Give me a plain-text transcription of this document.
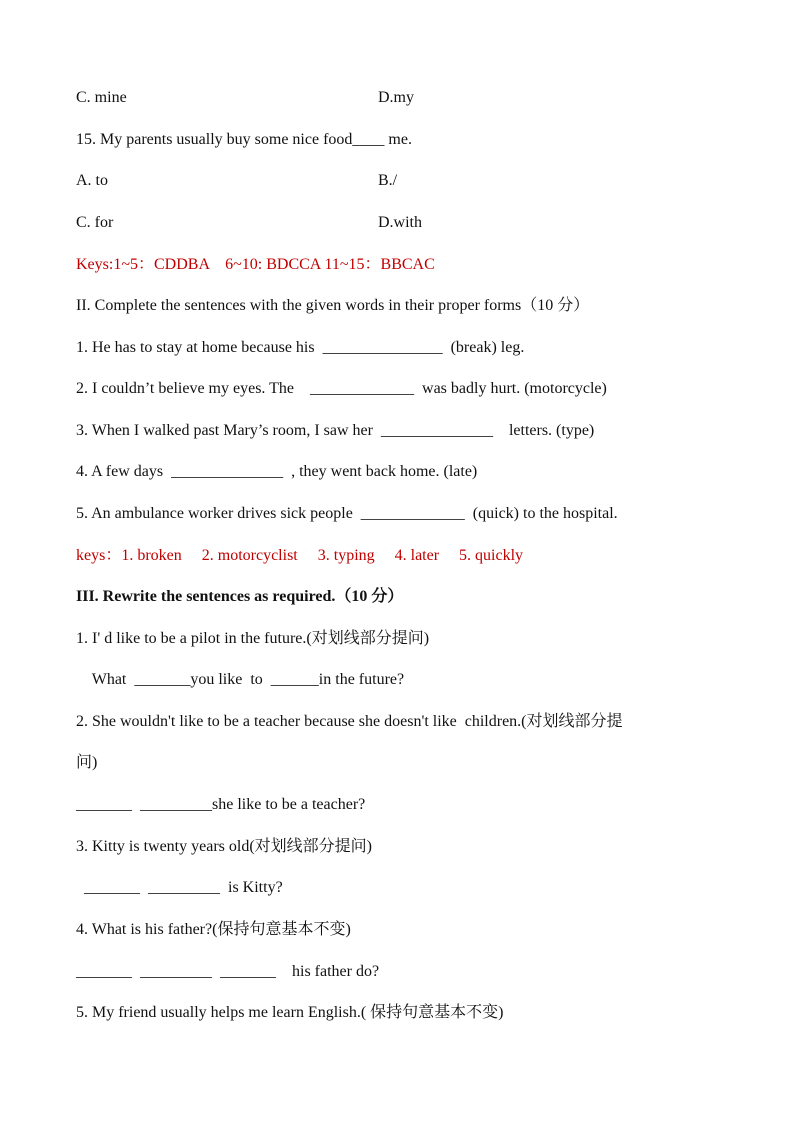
C. mine	D.my
15. My parents usually buy some nice food____ me.
A. to	B./
C. for	D.with
Keys:1~5：CDDBA    6~10: BDCCA 11~15：BBCAC
II. Complete the sentences with the given words in their proper forms（10 分）
1. He has to stay at home because his  _______________  (break) leg.
2. I couldn’t believe my eyes. The    _____________  was badly hurt. (motorcycle)
3. When I walked past Mary’s room, I saw her  ______________    letters. (type)
4. A few days  ______________  , they went back home. (late)
5. An ambulance worker drives sick people  _____________  (quick) to the hospital.
keys：1. broken     2. motorcyclist     3. typing     4. later     5. quickly
III. Rewrite the sentences as required.（10 分）
1. I' d like to be a pilot in the future.(对划线部分提问)
What  _______you like  to  ______in the future?
2. She wouldn't like to be a teacher because she doesn't like  children.(对划线部分提
问)
_______  _________she like to be a teacher?
3. Kitty is twenty years old(对划线部分提问)
_______  _________  is Kitty?
4. What is his father?(保持句意基本不变)
_______  _________  _______    his father do?
5. My friend usually helps me learn English.( 保持句意基本不变)
